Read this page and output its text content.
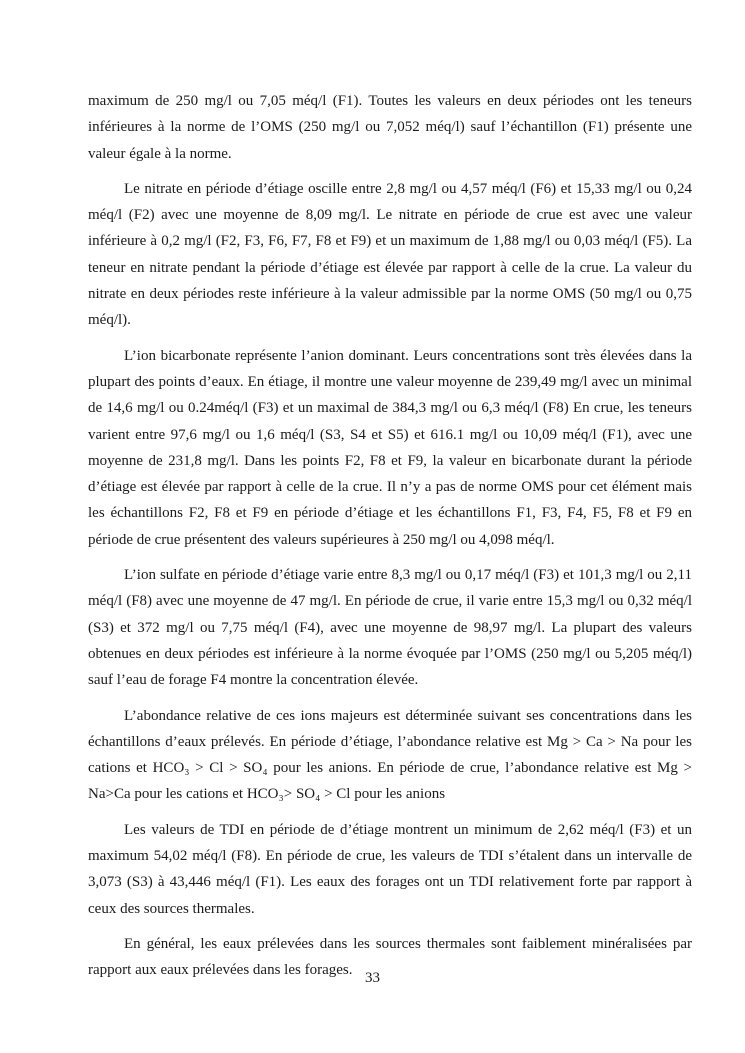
maximum de 250 mg/l ou 7,05 méq/l (F1). Toutes les valeurs en deux périodes ont les teneurs inférieures à la norme de l’OMS (250 mg/l ou 7,052 méq/l) sauf l’échantillon (F1) présente une valeur égale à la norme.

Le nitrate en période d’étiage oscille entre 2,8 mg/l ou 4,57 méq/l (F6) et 15,33 mg/l ou 0,24 méq/l (F2) avec une moyenne de 8,09 mg/l. Le nitrate en période de crue est avec une valeur inférieure à 0,2 mg/l (F2, F3, F6, F7, F8 et F9) et un maximum de 1,88 mg/l ou 0,03 méq/l (F5). La teneur en nitrate pendant la période d’étiage est élevée par rapport à celle de la crue. La valeur du nitrate en deux périodes reste inférieure à la valeur admissible par la norme OMS (50 mg/l ou 0,75 méq/l).

L’ion bicarbonate représente l’anion dominant. Leurs concentrations sont très élevées dans la plupart des points d’eaux. En étiage, il montre une valeur moyenne de 239,49 mg/l avec un minimal de 14,6 mg/l ou 0.24méq/l (F3) et un maximal de 384,3 mg/l ou 6,3 méq/l (F8) En crue, les teneurs varient entre 97,6 mg/l ou 1,6 méq/l (S3, S4 et S5) et 616.1 mg/l ou 10,09 méq/l (F1), avec une moyenne de 231,8 mg/l. Dans les points F2, F8 et F9, la valeur en bicarbonate durant la période d’étiage est élevée par rapport à celle de la crue. Il n’y a pas de norme OMS pour cet élément mais les échantillons F2, F8 et F9 en période d’étiage et les échantillons F1, F3, F4, F5, F8 et F9 en période de crue présentent des valeurs supérieures à 250 mg/l ou 4,098 méq/l.

L’ion sulfate en période d’étiage varie entre 8,3 mg/l ou 0,17 méq/l (F3) et 101,3 mg/l ou 2,11 méq/l (F8) avec une moyenne de 47 mg/l. En période de crue, il varie entre 15,3 mg/l ou 0,32 méq/l (S3) et 372 mg/l ou 7,75 méq/l (F4), avec une moyenne de 98,97 mg/l. La plupart des valeurs obtenues en deux périodes est inférieure à la norme évoquée par l’OMS (250 mg/l ou 5,205 méq/l) sauf l’eau de forage F4 montre la concentration élevée.

L’abondance relative de ces ions majeurs est déterminée suivant ses concentrations dans les échantillons d’eaux prélevés. En période d’étiage, l’abondance relative est Mg > Ca > Na pour les cations et HCO₃ > Cl > SO₄ pour les anions. En période de crue, l’abondance relative est Mg > Na>Ca pour les cations et HCO₃> SO₄ > Cl pour les anions

Les valeurs de TDI en période de d’étiage montrent un minimum de 2,62 méq/l (F3) et un maximum 54,02 méq/l (F8). En période de crue, les valeurs de TDI s’étalent dans un intervalle de 3,073 (S3) à 43,446 méq/l (F1). Les eaux des forages ont un TDI relativement forte par rapport à ceux des sources thermales.

En général, les eaux prélevées dans les sources thermales sont faiblement minéralisées par rapport aux eaux prélevées dans les forages. 33
